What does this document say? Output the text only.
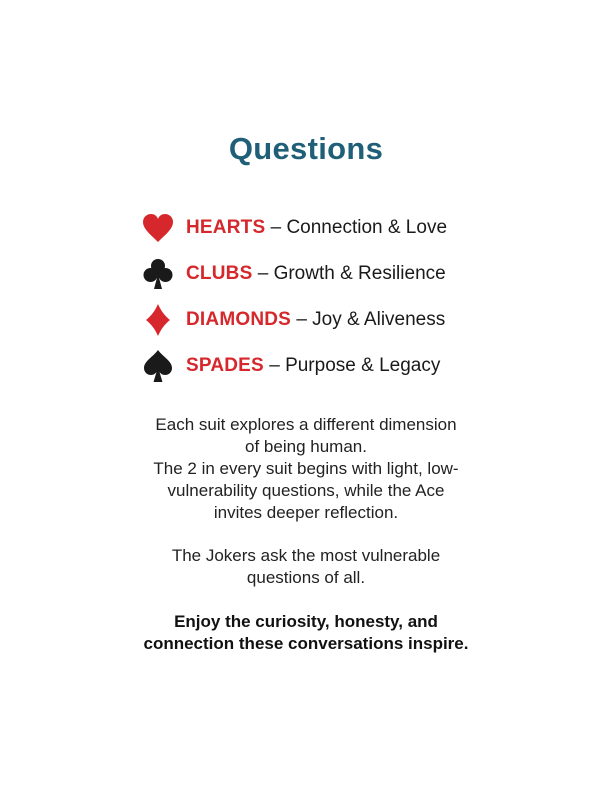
Questions
HEARTS – Connection & Love
CLUBS – Growth & Resilience
DIAMONDS – Joy & Aliveness
SPADES – Purpose & Legacy
Each suit explores a different dimension
of being human.
The 2 in every suit begins with light, low-
vulnerability questions, while the Ace
invites deeper reflection.
The Jokers ask the most vulnerable
questions of all.
Enjoy the curiosity, honesty, and
connection these conversations inspire.
